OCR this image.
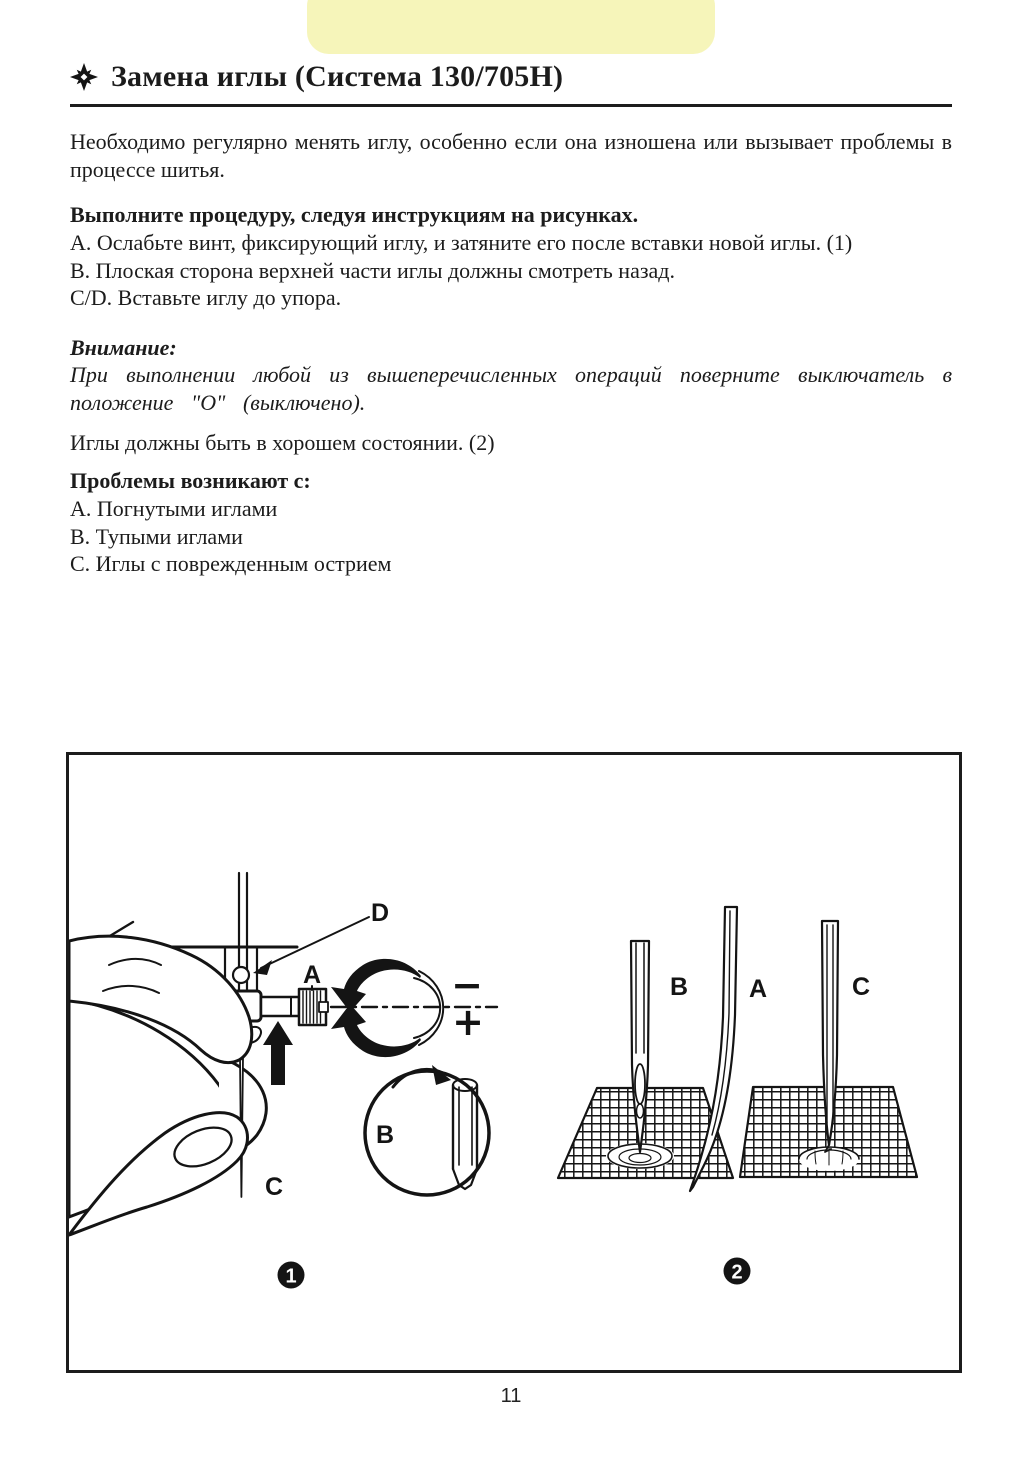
Замена иглы (Система 130/705H)
Необходимо регулярно менять иглу, особенно если она изношена или вызывает проблемы в процессе шитья.
Выполните процедуру, следуя инструкциям на рисунках.
А. Ослабьте винт, фиксирующий иглу, и затяните его после вставки новой иглы. (1)
В. Плоская сторона верхней части иглы должны смотреть назад.
C/D. Вставьте иглу до упора.
Внимание:
При выполнении любой из вышеперечисленных операций поверните выключатель в положение "О" (выключено).
Иглы должны быть в хорошем состоянии. (2)
Проблемы возникают с:
А. Погнутыми иглами
В. Тупыми иглами
С. Иглы с поврежденным острием
−
+
B
A
D
C
1
B A	C
2
11
